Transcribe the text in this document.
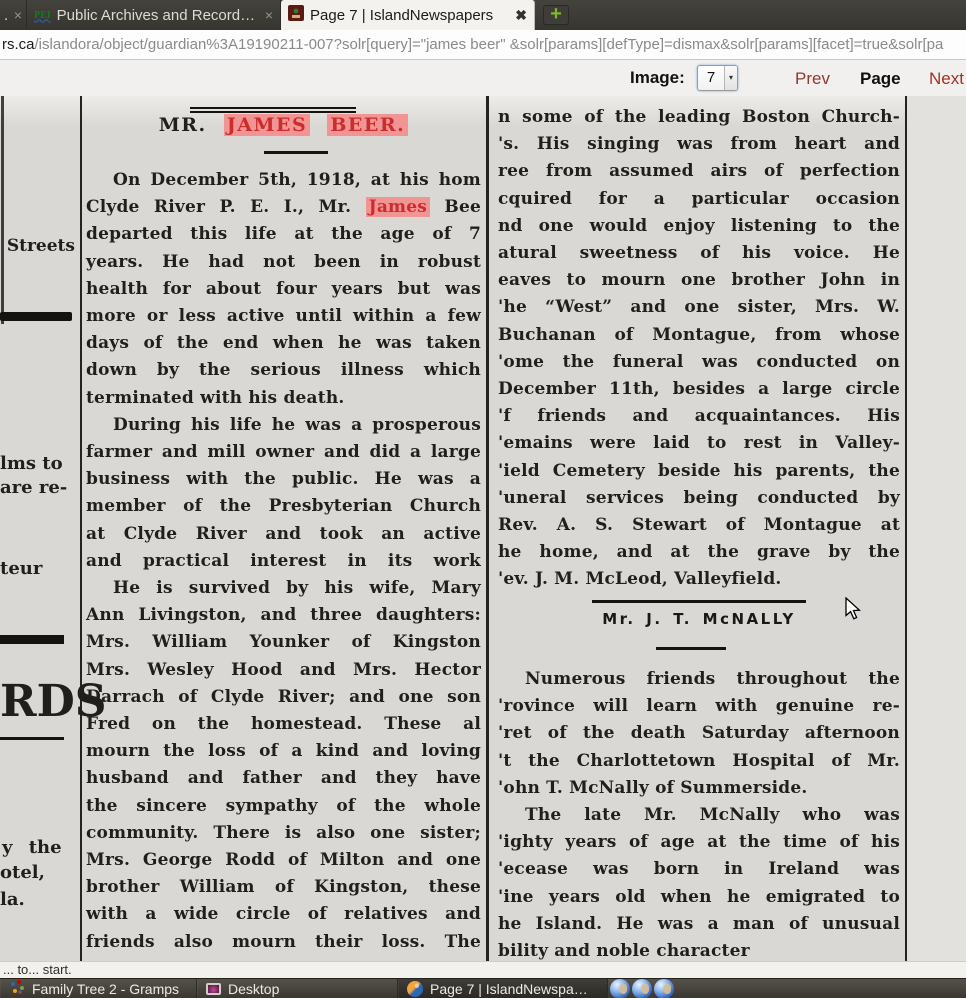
. × PEI Public Archives and Record… × Page 7 | IslandNewspapers	✖ +
rs.ca/islandora/object/guardian%3A19190211-007?solr[query]="james beer" &solr[params][defType]=dismax&solr[params][facet]=true&solr[pa
Image:	7	▾	Prev Page Next
Streets
lms to
are re-
teur
RDS
y the
otel,
la.
MR. JAMES BEER.
On December 5th, 1918, at his hom
Clyde River P. E. I., Mr. James Bee
departed this life at the age of 7
years. He had not been in robust
health for about four years but was
more or less active until within a few
days of the end when he was taken
down by the serious illness which
terminated with his death.
During his life he was a prosperous
farmer and mill owner and did a large
business with the public. He was a
member of the Presbyterian Church
at Clyde River and took an active
and practical interest in its work
He is survived by his wife, Mary
Ann Livingston, and three daughters:
Mrs. William Younker of Kingston
Mrs. Wesley Hood and Mrs. Hector
Darrach of Clyde River; and one son
Fred on the homestead. These al
mourn the loss of a kind and loving
husband and father and they have
the sincere sympathy of the whole
community. There is also one sister;
Mrs. George Rodd of Milton and one
brother William of Kingston, these
with a wide circle of relatives and
friends also mourn their loss. The
n some of the leading Boston Church-
's. His singing was from heart and
ree from assumed airs of perfection
cquired for a particular occasion
nd one would enjoy listening to the
atural sweetness of his voice. He
eaves to mourn one brother John in
'he “West” and one sister, Mrs. W.
Buchanan of Montague, from whose
'ome the funeral was conducted on
December 11th, besides a large circle
'f friends and acquaintances. His
'emains were laid to rest in Valley-
'ield Cemetery beside his parents, the
'uneral services being conducted by
Rev. A. S. Stewart of Montague at
he home, and at the grave by the
'ev. J. M. McLeod, Valleyfield.
Mr. J. T. McNALLY
Numerous friends throughout the
'rovince will learn with genuine re-
'ret of the death Saturday afternoon
't the Charlottetown Hospital of Mr.
'ohn T. McNally of Summerside.
The late Mr. McNally who was
'ighty years of age at the time of his
'ecease was born in Ireland was
'ine years old when he emigrated to
he Island. He was a man of unusual
bility and noble character
... to... start.
Family Tree 2 - Gramps	Desktop	Page 7 | IslandNewspa…
